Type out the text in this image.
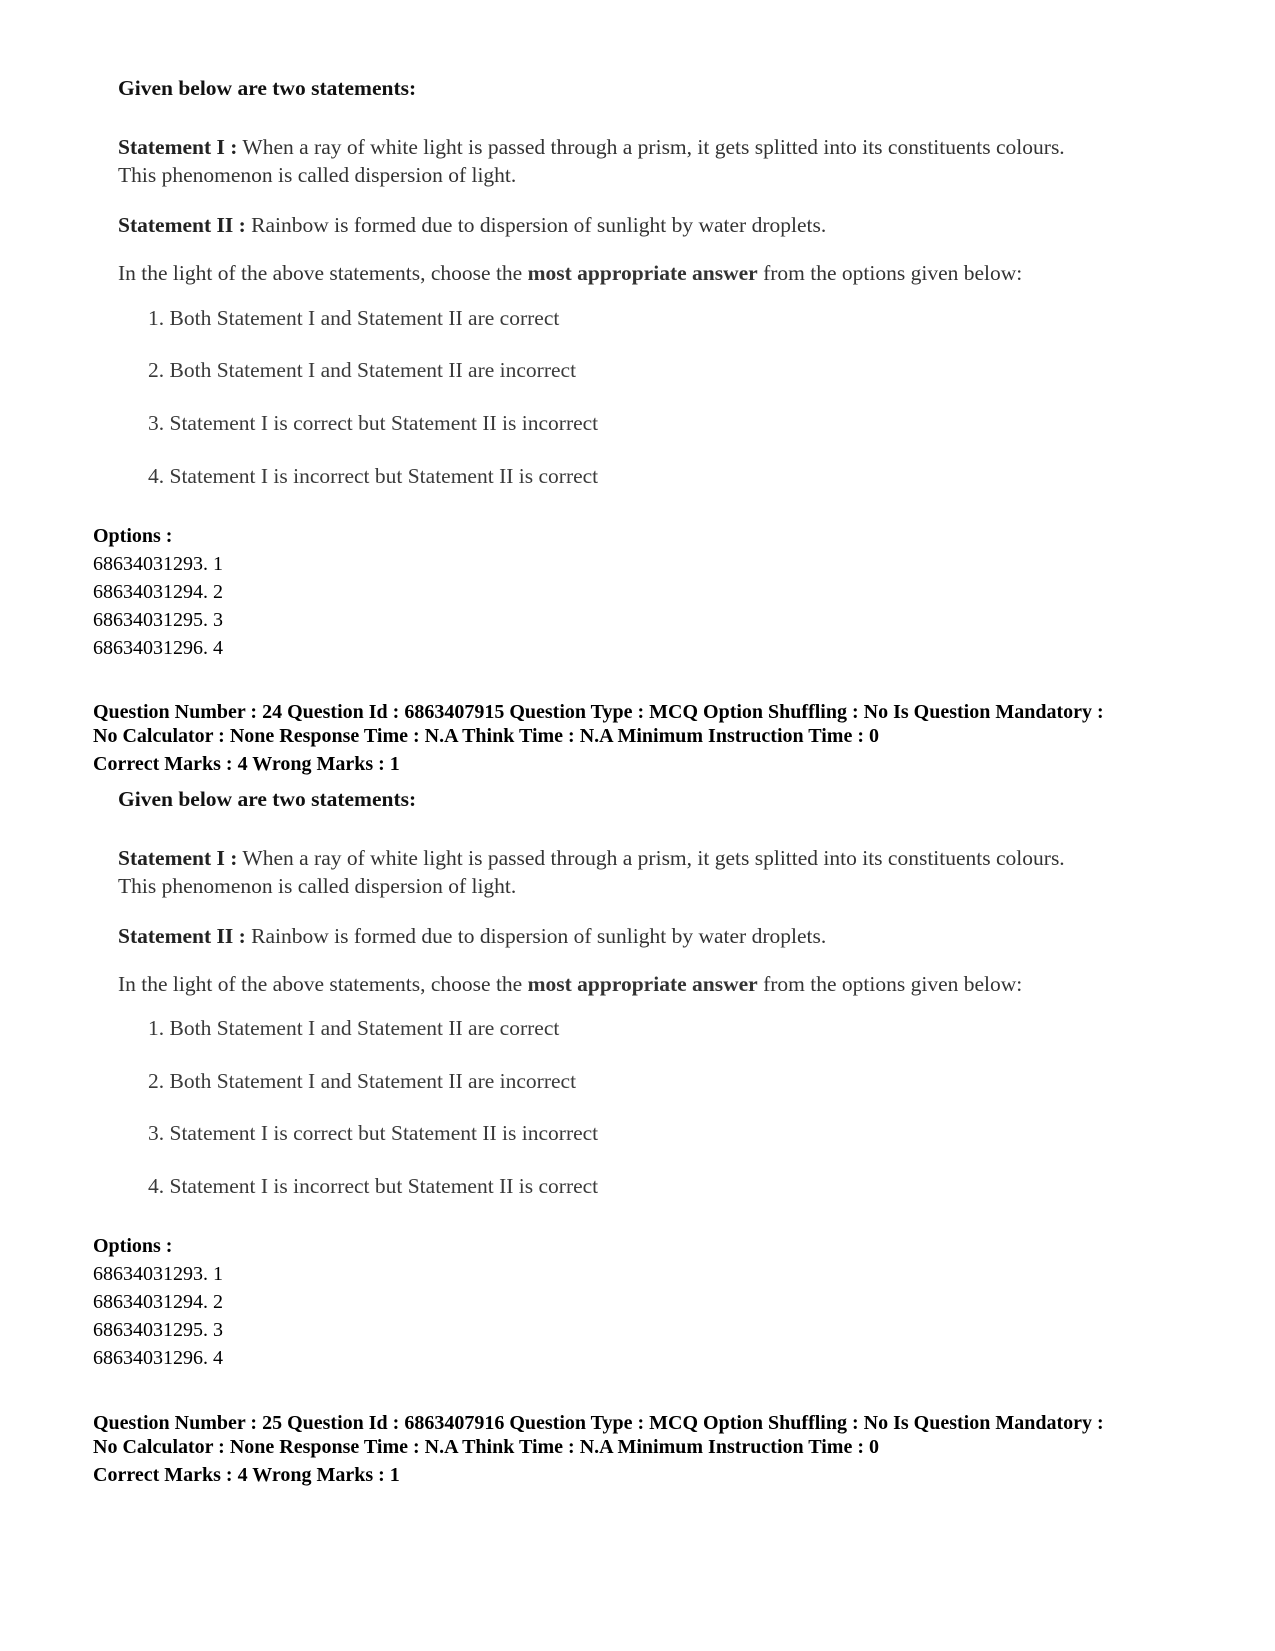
Given below are two statements:

Statement I : When a ray of white light is passed through a prism, it gets splitted into its constituents colours.
This phenomenon is called dispersion of light.

Statement II : Rainbow is formed due to dispersion of sunlight by water droplets.

In the light of the above statements, choose the most appropriate answer from the options given below:

1. Both Statement I and Statement II are correct

2. Both Statement I and Statement II are incorrect

3. Statement I is correct but Statement II is incorrect

4. Statement I is incorrect but Statement II is correct

Options :
68634031293. 1
68634031294. 2
68634031295. 3
68634031296. 4
Question Number : 24 Question Id : 6863407915 Question Type : MCQ Option Shuffling : No Is Question Mandatory :
No Calculator : None Response Time : N.A Think Time : N.A Minimum Instruction Time : 0
Correct Marks : 4 Wrong Marks : 1

Given below are two statements:

Statement I : When a ray of white light is passed through a prism, it gets splitted into its constituents colours.
This phenomenon is called dispersion of light.

Statement II : Rainbow is formed due to dispersion of sunlight by water droplets.

In the light of the above statements, choose the most appropriate answer from the options given below:

1. Both Statement I and Statement II are correct

2. Both Statement I and Statement II are incorrect

3. Statement I is correct but Statement II is incorrect

4. Statement I is incorrect but Statement II is correct

Options :
68634031293. 1
68634031294. 2
68634031295. 3
68634031296. 4
Question Number : 25 Question Id : 6863407916 Question Type : MCQ Option Shuffling : No Is Question Mandatory :
No Calculator : None Response Time : N.A Think Time : N.A Minimum Instruction Time : 0
Correct Marks : 4 Wrong Marks : 1
